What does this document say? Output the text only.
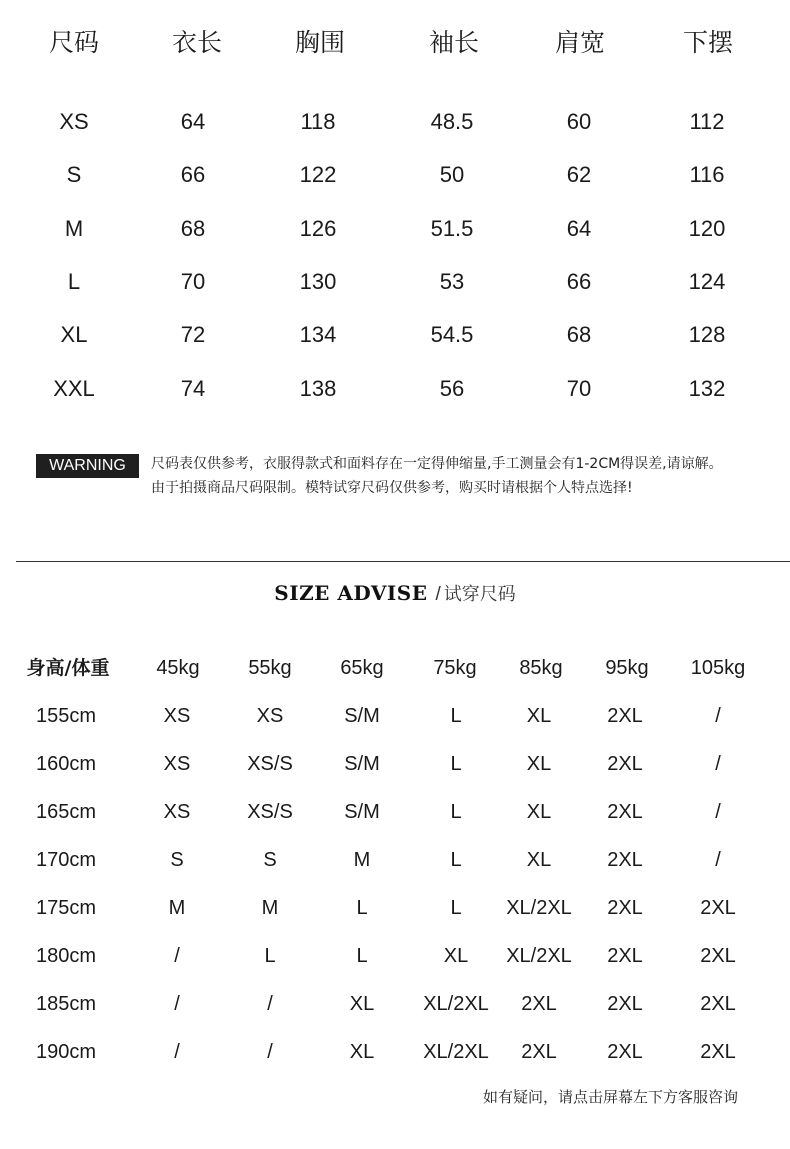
尺码	衣长	胸围	袖长	肩宽	下摆
XS	64	118	48.5	60	112
S	66	122	50	62	116
M	68	126	51.5	64	120
L	70	130	53	66	124
XL	72	134	54.5	68	128
XXL	74	138	56	70	132
WARNING	尺码表仅供参考，衣服得款式和面料存在一定得伸缩量,手工测量会有1-2CM得误差,请谅解。
由于拍摄商品尺码限制。模特试穿尺码仅供参考，购买时请根据个人特点选择!
SIZE ADVISE / 试穿尺码
身高/体重	45kg	55kg	65kg	75kg	85kg	95kg	105kg
155cm	XS	XS	S/M	L	XL	2XL	/
160cm	XS	XS/S	S/M	L	XL	2XL	/
165cm	XS	XS/S	S/M	L	XL	2XL	/
170cm	S	S	M	L	XL	2XL	/
175cm	M	M	L	L	XL/2XL	2XL	2XL
180cm	/	L	L	XL	XL/2XL	2XL	2XL
185cm	/	/	XL	XL/2XL	2XL	2XL	2XL
190cm	/	/	XL	XL/2XL	2XL	2XL	2XL
如有疑问，请点击屏幕左下方客服咨询
